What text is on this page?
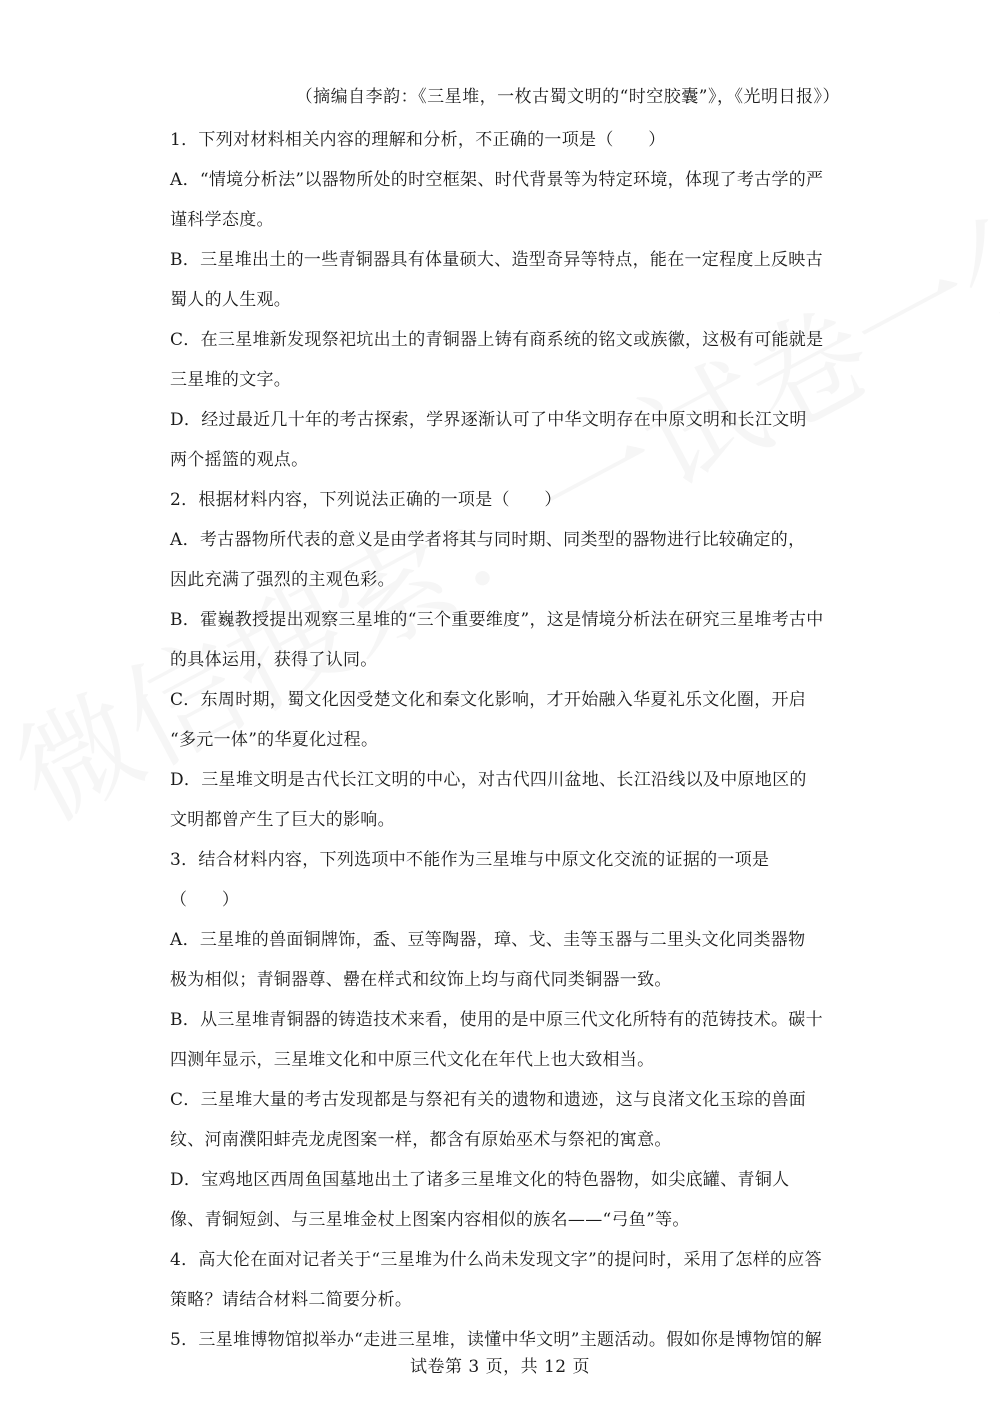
（摘编自李韵：《三星堆，一枚古蜀文明的“时空胶囊”》，《光明日报》）
1．下列对材料相关内容的理解和分析，不正确的一项是（　　）
A．“情境分析法”以器物所处的时空框架、时代背景等为特定环境，体现了考古学的严
谨科学态度。
B．三星堆出土的一些青铜器具有体量硕大、造型奇异等特点，能在一定程度上反映古
蜀人的人生观。
C．在三星堆新发现祭祀坑出土的青铜器上铸有商系统的铭文或族徽，这极有可能就是
三星堆的文字。
D．经过最近几十年的考古探索，学界逐渐认可了中华文明存在中原文明和长江文明
两个摇篮的观点。
2．根据材料内容，下列说法正确的一项是（　　）
A．考古器物所代表的意义是由学者将其与同时期、同类型的器物进行比较确定的，
因此充满了强烈的主观色彩。
B．霍巍教授提出观察三星堆的“三个重要维度”，这是情境分析法在研究三星堆考古中
的具体运用，获得了认同。
C．东周时期，蜀文化因受楚文化和秦文化影响，才开始融入华夏礼乐文化圈，开启
“多元一体”的华夏化过程。
D．三星堆文明是古代长江文明的中心，对古代四川盆地、长江沿线以及中原地区的
文明都曾产生了巨大的影响。
3．结合材料内容，下列选项中不能作为三星堆与中原文化交流的证据的一项是
（　　）
A．三星堆的兽面铜牌饰，盉、豆等陶器，璋、戈、圭等玉器与二里头文化同类器物
极为相似；青铜器尊、罍在样式和纹饰上均与商代同类铜器一致。
B．从三星堆青铜器的铸造技术来看，使用的是中原三代文化所特有的范铸技术。碳十
四测年显示，三星堆文化和中原三代文化在年代上也大致相当。
C．三星堆大量的考古发现都是与祭祀有关的遗物和遗迹，这与良渚文化玉琮的兽面
纹、河南濮阳蚌壳龙虎图案一样，都含有原始巫术与祭祀的寓意。
D．宝鸡地区西周鱼国墓地出土了诸多三星堆文化的特色器物，如尖底罐、青铜人
像、青铜短剑、与三星堆金杖上图案内容相似的族名——“弓鱼”等。
4．高大伦在面对记者关于“三星堆为什么尚未发现文字”的提问时，采用了怎样的应答
策略？请结合材料二简要分析。
5．三星堆博物馆拟举办“走进三星堆，读懂中华文明”主题活动。假如你是博物馆的解
试卷第 3 页，共 12 页
